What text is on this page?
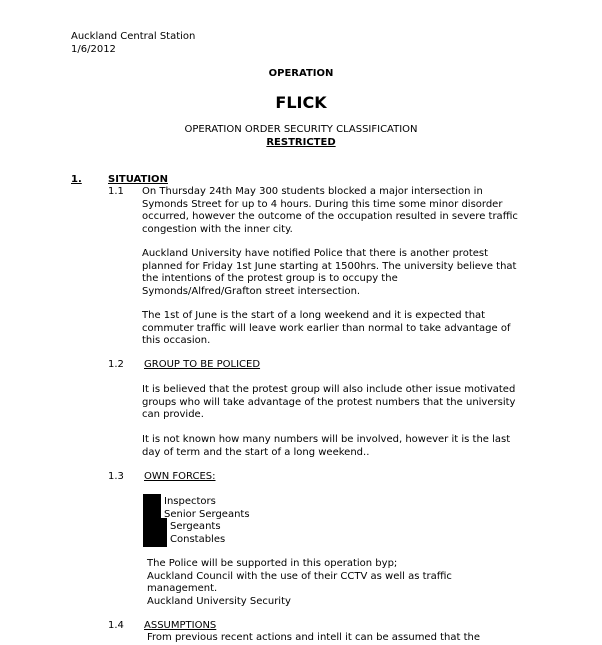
Auckland Central Station
1/6/2012
OPERATION
FLICK
OPERATION ORDER SECURITY CLASSIFICATION
RESTRICTED
1.	SITUATION
1.1 On Thursday 24th May 300 students blocked a major intersection in
Symonds Street for up to 4 hours. During this time some minor disorder
occurred, however the outcome of the occupation resulted in severe traffic
congestion with the inner city.
Auckland University have notified Police that there is another protest
planned for Friday 1st June starting at 1500hrs. The university believe that
the intentions of the protest group is to occupy the
Symonds/Alfred/Grafton street intersection.
The 1st of June is the start of a long weekend and it is expected that
commuter traffic will leave work earlier than normal to take advantage of
this occasion.
1.2 GROUP TO BE POLICED
It is believed that the protest group will also include other issue motivated
groups who will take advantage of the protest numbers that the university
can provide.
It is not known how many numbers will be involved, however it is the last
day of term and the start of a long weekend..
1.3 OWN FORCES:
Inspectors
Senior Sergeants
Sergeants
Constables
The Police will be supported in this operation byp;
Auckland Council with the use of their CCTV as well as traffic
management.
Auckland University Security
1.4 ASSUMPTIONS
From previous recent actions and intell it can be assumed that the
